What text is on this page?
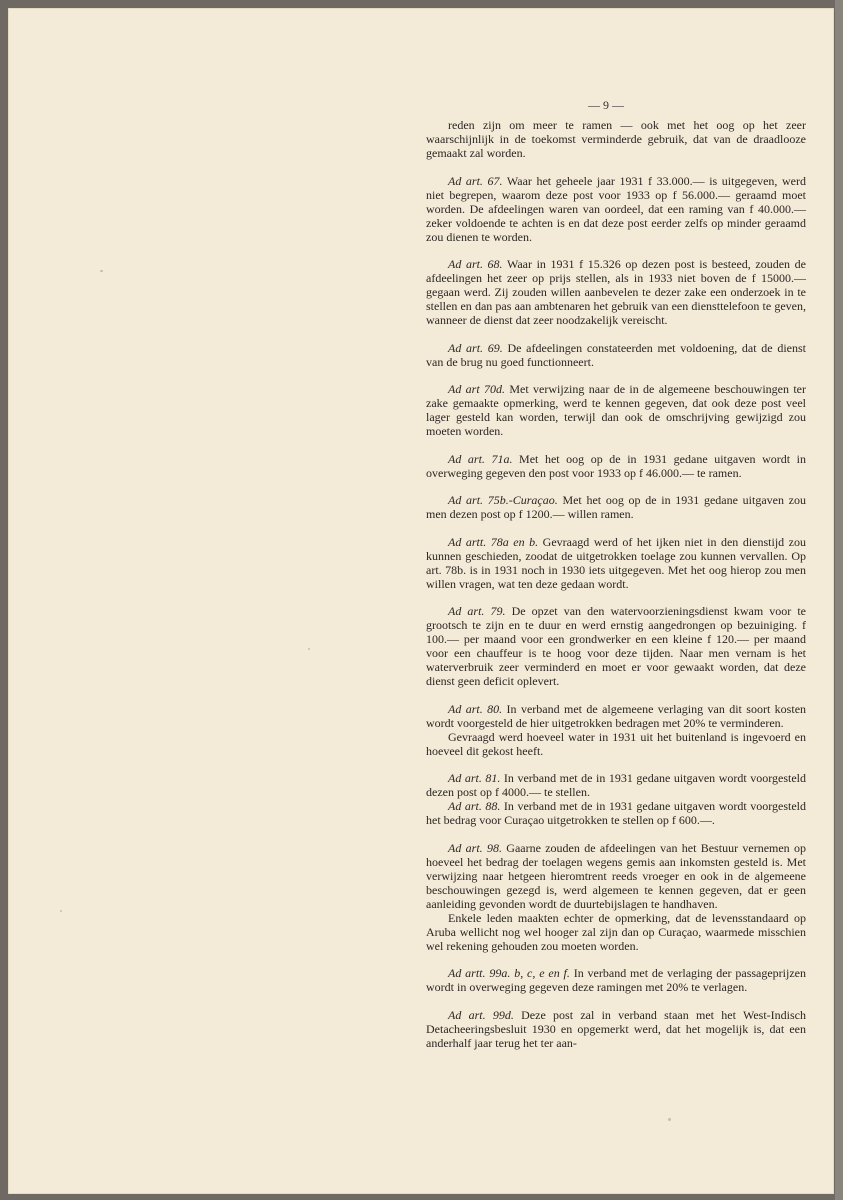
— 9 —

reden zijn om meer te ramen — ook met het oog op het zeer waarschijnlijk in de toekomst verminderde gebruik, dat van de draadlooze gemaakt zal worden.

Ad art. 67. Waar het geheele jaar 1931 f 33.000.— is uitgegeven, werd niet begrepen, waarom deze post voor 1933 op f 56.000.— geraamd moet worden. De afdeelingen waren van oordeel, dat een raming van f 40.000.— zeker voldoende te achten is en dat deze post eerder zelfs op minder geraamd zou dienen te worden.

Ad art. 68. Waar in 1931 f 15.326 op dezen post is besteed, zouden de afdeelingen het zeer op prijs stellen, als in 1933 niet boven de f 15000.— gegaan werd. Zij zouden willen aanbevelen te dezer zake een onderzoek in te stellen en dan pas aan ambtenaren het gebruik van een diensttelefoon te geven, wanneer de dienst dat zeer noodzakelijk vereischt.

Ad art. 69. De afdeelingen constateerden met voldoening, dat de dienst van de brug nu goed functionneert.

Ad art 70d. Met verwijzing naar de in de algemeene beschouwingen ter zake gemaakte opmerking, werd te kennen gegeven, dat ook deze post veel lager gesteld kan worden, terwijl dan ook de omschrijving gewijzigd zou moeten worden.

Ad art. 71a. Met het oog op de in 1931 gedane uitgaven wordt in overweging gegeven den post voor 1933 op f 46.000.— te ramen.

Ad art. 75b.-Curaçao. Met het oog op de in 1931 gedane uitgaven zou men dezen post op f 1200.— willen ramen.

Ad artt. 78a en b. Gevraagd werd of het ijken niet in den dienstijd zou kunnen geschieden, zoodat de uitgetrokken toelage zou kunnen vervallen. Op art. 78b. is in 1931 noch in 1930 iets uitgegeven. Met het oog hierop zou men willen vragen, wat ten deze gedaan wordt.

Ad art. 79. De opzet van den watervoorzieningsdienst kwam voor te grootsch te zijn en te duur en werd ernstig aangedrongen op bezuiniging. f 100.— per maand voor een grondwerker en een kleine f 120.— per maand voor een chauffeur is te hoog voor deze tijden. Naar men vernam is het waterverbruik zeer verminderd en moet er voor gewaakt worden, dat deze dienst geen deficit oplevert.

Ad art. 80. In verband met de algemeene verlaging van dit soort kosten wordt voorgesteld de hier uitgetrokken bedragen met 20% te verminderen.

Gevraagd werd hoeveel water in 1931 uit het buitenland is ingevoerd en hoeveel dit gekost heeft.

Ad art. 81. In verband met de in 1931 gedane uitgaven wordt voorgesteld dezen post op f 4000.— te stellen.

Ad art. 88. In verband met de in 1931 gedane uitgaven wordt voorgesteld het bedrag voor Curaçao uitgetrokken te stellen op f 600.—.

Ad art. 98. Gaarne zouden de afdeelingen van het Bestuur vernemen op hoeveel het bedrag der toelagen wegens gemis aan inkomsten gesteld is. Met verwijzing naar hetgeen hieromtrent reeds vroeger en ook in de algemeene beschouwingen gezegd is, werd algemeen te kennen gegeven, dat er geen aanleiding gevonden wordt de duurtebijslagen te handhaven.

Enkele leden maakten echter de opmerking, dat de levensstandaard op Aruba wellicht nog wel hooger zal zijn dan op Curaçao, waarmede misschien wel rekening gehouden zou moeten worden.

Ad artt. 99a. b, c, e en f. In verband met de verlaging der passageprijzen wordt in overweging gegeven deze ramingen met 20% te verlagen.

Ad art. 99d. Deze post zal in verband staan met het West-Indisch Detacheeringsbesluit 1930 en opgemerkt werd, dat het mogelijk is, dat een anderhalf jaar terug het ter aan-
